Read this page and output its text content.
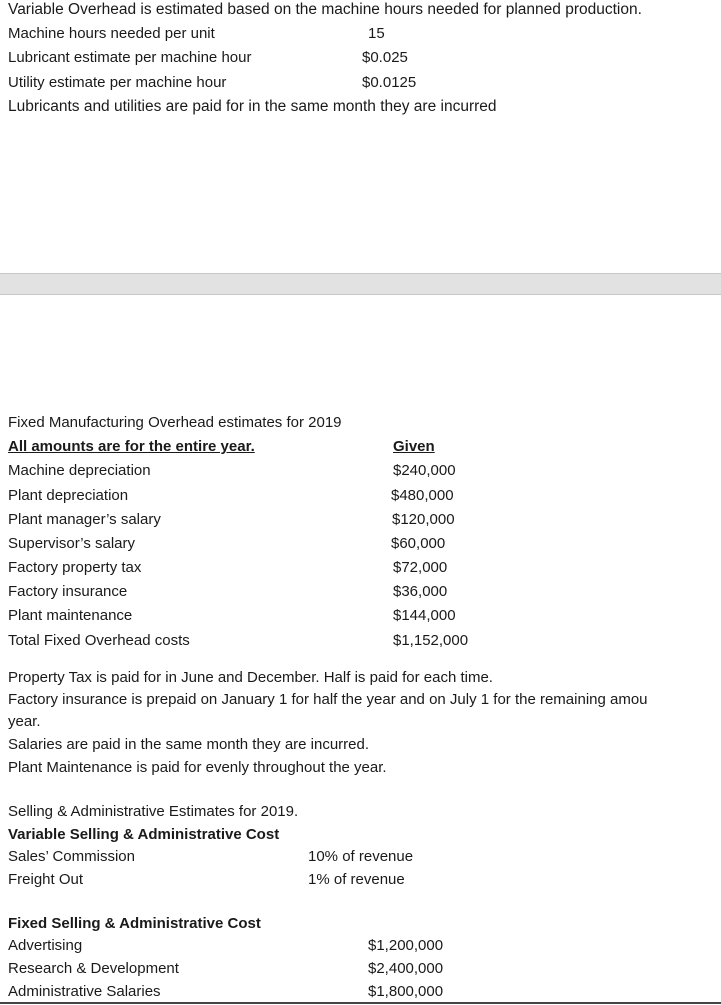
Variable Overhead is estimated based on the machine hours needed for planned production.
Machine hours needed per unit	15
Lubricant estimate per machine hour	$0.025
Utility estimate per machine hour	$0.0125
Lubricants and utilities are paid for in the same month they are incurred
Fixed Manufacturing Overhead estimates for 2019
All amounts are for the entire year.	Given
Machine depreciation	$240,000
Plant depreciation	$480,000
Plant manager’s salary	$120,000
Supervisor’s salary	$60,000
Factory property tax	$72,000
Factory insurance	$36,000
Plant maintenance	$144,000
Total Fixed Overhead costs	$1,152,000
Property Tax is paid for in June and December. Half is paid for each time.
Factory insurance is prepaid on January 1 for half the year and on July 1 for the remaining amou
year.
Salaries are paid in the same month they are incurred.
Plant Maintenance is paid for evenly throughout the year.
Selling & Administrative Estimates for 2019.
Variable Selling & Administrative Cost
Sales’ Commission	10% of revenue
Freight Out	1% of revenue
Fixed Selling & Administrative Cost
Advertising	$1,200,000
Research & Development	$2,400,000
Administrative Salaries	$1,800,000
